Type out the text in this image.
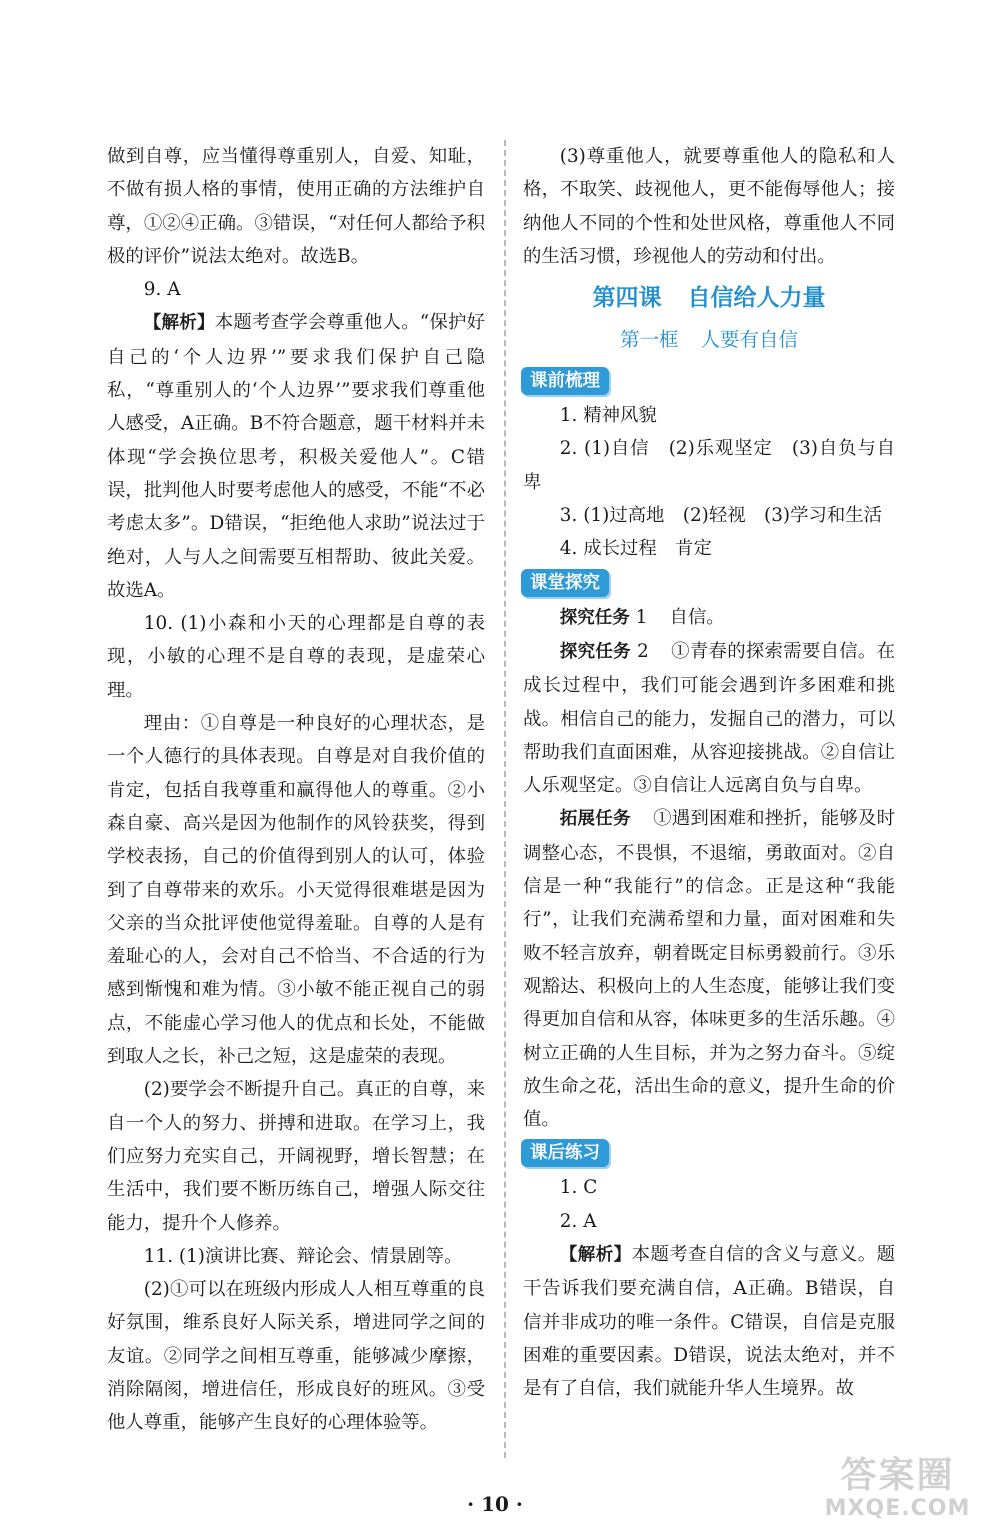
做到自尊，应当懂得尊重别人，自爱、知耻，不做有损人格的事情，使用正确的方法维护自尊，①②④正确。③错误，“对任何人都给予积极的评价”说法太绝对。故选B。

9. A

【解析】本题考查学会尊重他人。“保护好自己的‘个人边界’”要求我们保护自己隐私，“尊重别人的‘个人边界’”要求我们尊重他人感受，A正确。B不符合题意，题干材料并未体现“学会换位思考，积极关爱他人”。C错误，批判他人时要考虑他人的感受，不能“不必考虑太多”。D错误，“拒绝他人求助”说法过于绝对，人与人之间需要互相帮助、彼此关爱。故选A。

10. (1)小森和小天的心理都是自尊的表现，小敏的心理不是自尊的表现，是虚荣心理。

理由：①自尊是一种良好的心理状态，是一个人德行的具体表现。自尊是对自我价值的肯定，包括自我尊重和赢得他人的尊重。②小森自豪、高兴是因为他制作的风铃获奖，得到学校表扬，自己的价值得到别人的认可，体验到了自尊带来的欢乐。小天觉得很难堪是因为父亲的当众批评使他觉得羞耻。自尊的人是有羞耻心的人，会对自己不恰当、不合适的行为感到惭愧和难为情。③小敏不能正视自己的弱点，不能虚心学习他人的优点和长处，不能做到取人之长，补己之短，这是虚荣的表现。

(2)要学会不断提升自己。真正的自尊，来自一个人的努力、拼搏和进取。在学习上，我们应努力充实自己，开阔视野，增长智慧；在生活中，我们要不断历练自己，增强人际交往能力，提升个人修养。

11. (1)演讲比赛、辩论会、情景剧等。

(2)①可以在班级内形成人人相互尊重的良好氛围，维系良好人际关系，增进同学之间的友谊。②同学之间相互尊重，能够减少摩擦，消除隔阂，增进信任，形成良好的班风。③受他人尊重，能够产生良好的心理体验等。

(3)尊重他人，就要尊重他人的隐私和人格，不取笑、歧视他人，更不能侮辱他人；接纳他人不同的个性和处世风格，尊重他人不同的生活习惯，珍视他人的劳动和付出。

第四课 自信给人力量
第一框 人要有自信
课前梳理

1. 精神风貌

2. (1)自信　(2)乐观坚定　(3)自负与自卑

3. (1)过高地　(2)轻视　(3)学习和生活

4. 成长过程　肯定

课堂探究

探究任务 1 自信。

探究任务 2 ①青春的探索需要自信。在成长过程中，我们可能会遇到许多困难和挑战。相信自己的能力，发掘自己的潜力，可以帮助我们直面困难，从容迎接挑战。②自信让人乐观坚定。③自信让人远离自负与自卑。

拓展任务 ①遇到困难和挫折，能够及时调整心态，不畏惧，不退缩，勇敢面对。②自信是一种“我能行”的信念。正是这种“我能行”，让我们充满希望和力量，面对困难和失败不轻言放弃，朝着既定目标勇毅前行。③乐观豁达、积极向上的人生态度，能够让我们变得更加自信和从容，体味更多的生活乐趣。④树立正确的人生目标，并为之努力奋斗。⑤绽放生命之花，活出生命的意义，提升生命的价值。

课后练习

1. C

2. A

【解析】本题考查自信的含义与意义。题干告诉我们要充满自信，A正确。B错误，自信并非成功的唯一条件。C错误，自信是克服困难的重要因素。D错误，说法太绝对，并不是有了自信，我们就能升华人生境界。故

· 10 ·
答案圈
MXQE.COM
